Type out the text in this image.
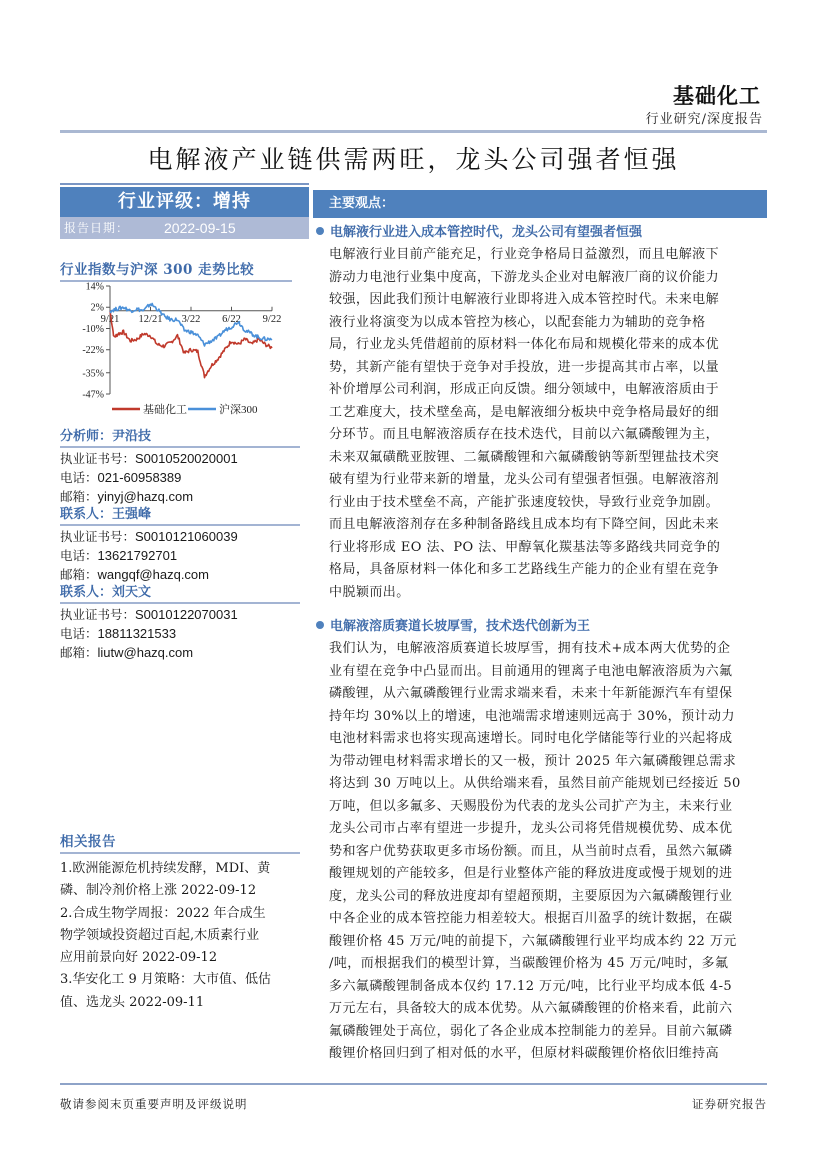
基础化工
行业研究/深度报告
电解液产业链供需两旺，龙头公司强者恒强
行业评级：增持
报告日期：	2022-09-15
行业指数与沪深 300 走势比较
14%
2%
-10%
-22%
-35%
-47%
9/21 12/21 3/22 6/22 9/22
基础化工	沪深300
分析师：尹沿技
执业证书号：S0010520020001
电话：021-60958389
邮箱：yinyj@hazq.com
联系人：王强峰
执业证书号：S0010121060039
电话：13621792701
邮箱：wangqf@hazq.com
联系人：刘天文
执业证书号：S0010122070031
电话：18811321533
邮箱：liutw@hazq.com
相关报告
1.欧洲能源危机持续发酵，MDI、黄
磷、制冷剂价格上涨 2022-09-12
2.合成生物学周报：2022 年合成生
物学领域投资超过百起,木质素行业
应用前景向好 2022-09-12
3.华安化工 9 月策略：大市值、低估
值、选龙头 2022-09-11
主要观点：
电解液行业进入成本管控时代，龙头公司有望强者恒强
电解液行业目前产能充足，行业竞争格局日益激烈，而且电解液下
游动力电池行业集中度高，下游龙头企业对电解液厂商的议价能力
较强，因此我们预计电解液行业即将进入成本管控时代。未来电解
液行业将演变为以成本管控为核心，以配套能力为辅助的竞争格
局，行业龙头凭借超前的原材料一体化布局和规模化带来的成本优
势，其新产能有望快于竞争对手投放，进一步提高其市占率，以量
补价增厚公司利润，形成正向反馈。细分领域中，电解液溶质由于
工艺难度大，技术壁垒高，是电解液细分板块中竞争格局最好的细
分环节。而且电解液溶质存在技术迭代，目前以六氟磷酸锂为主，
未来双氟磺酰亚胺锂、二氟磷酸锂和六氟磷酸钠等新型锂盐技术突
破有望为行业带来新的增量，龙头公司有望强者恒强。电解液溶剂
行业由于技术壁垒不高，产能扩张速度较快，导致行业竞争加剧。
而且电解液溶剂存在多种制备路线且成本均有下降空间，因此未来
行业将形成 EO 法、PO 法、甲醇氧化羰基法等多路线共同竞争的
格局，具备原材料一体化和多工艺路线生产能力的企业有望在竞争
中脱颖而出。
电解液溶质赛道长坡厚雪，技术迭代创新为王
我们认为，电解液溶质赛道长坡厚雪，拥有技术+成本两大优势的企
业有望在竞争中凸显而出。目前通用的锂离子电池电解液溶质为六氟
磷酸锂，从六氟磷酸锂行业需求端来看，未来十年新能源汽车有望保
持年均 30%以上的增速，电池端需求增速则远高于 30%，预计动力
电池材料需求也将实现高速增长。同时电化学储能等行业的兴起将成
为带动锂电材料需求增长的又一极，预计 2025 年六氟磷酸锂总需求
将达到 30 万吨以上。从供给端来看，虽然目前产能规划已经接近 50
万吨，但以多氟多、天赐股份为代表的龙头公司扩产为主，未来行业
龙头公司市占率有望进一步提升，龙头公司将凭借规模优势、成本优
势和客户优势获取更多市场份额。而且，从当前时点看，虽然六氟磷
酸锂规划的产能较多，但是行业整体产能的释放进度或慢于规划的进
度，龙头公司的释放进度却有望超预期，主要原因为六氟磷酸锂行业
中各企业的成本管控能力相差较大。根据百川盈孚的统计数据，在碳
酸锂价格 45 万元/吨的前提下，六氟磷酸锂行业平均成本约 22 万元
/吨，而根据我们的模型计算，当碳酸锂价格为 45 万元/吨时，多氟
多六氟磷酸锂制备成本仅约 17.12 万元/吨，比行业平均成本低 4-5
万元左右，具备较大的成本优势。从六氟磷酸锂的价格来看，此前六
氟磷酸锂处于高位，弱化了各企业成本控制能力的差异。目前六氟磷
酸锂价格回归到了相对低的水平，但原材料碳酸锂价格依旧维持高
敬请参阅末页重要声明及评级说明	证券研究报告
